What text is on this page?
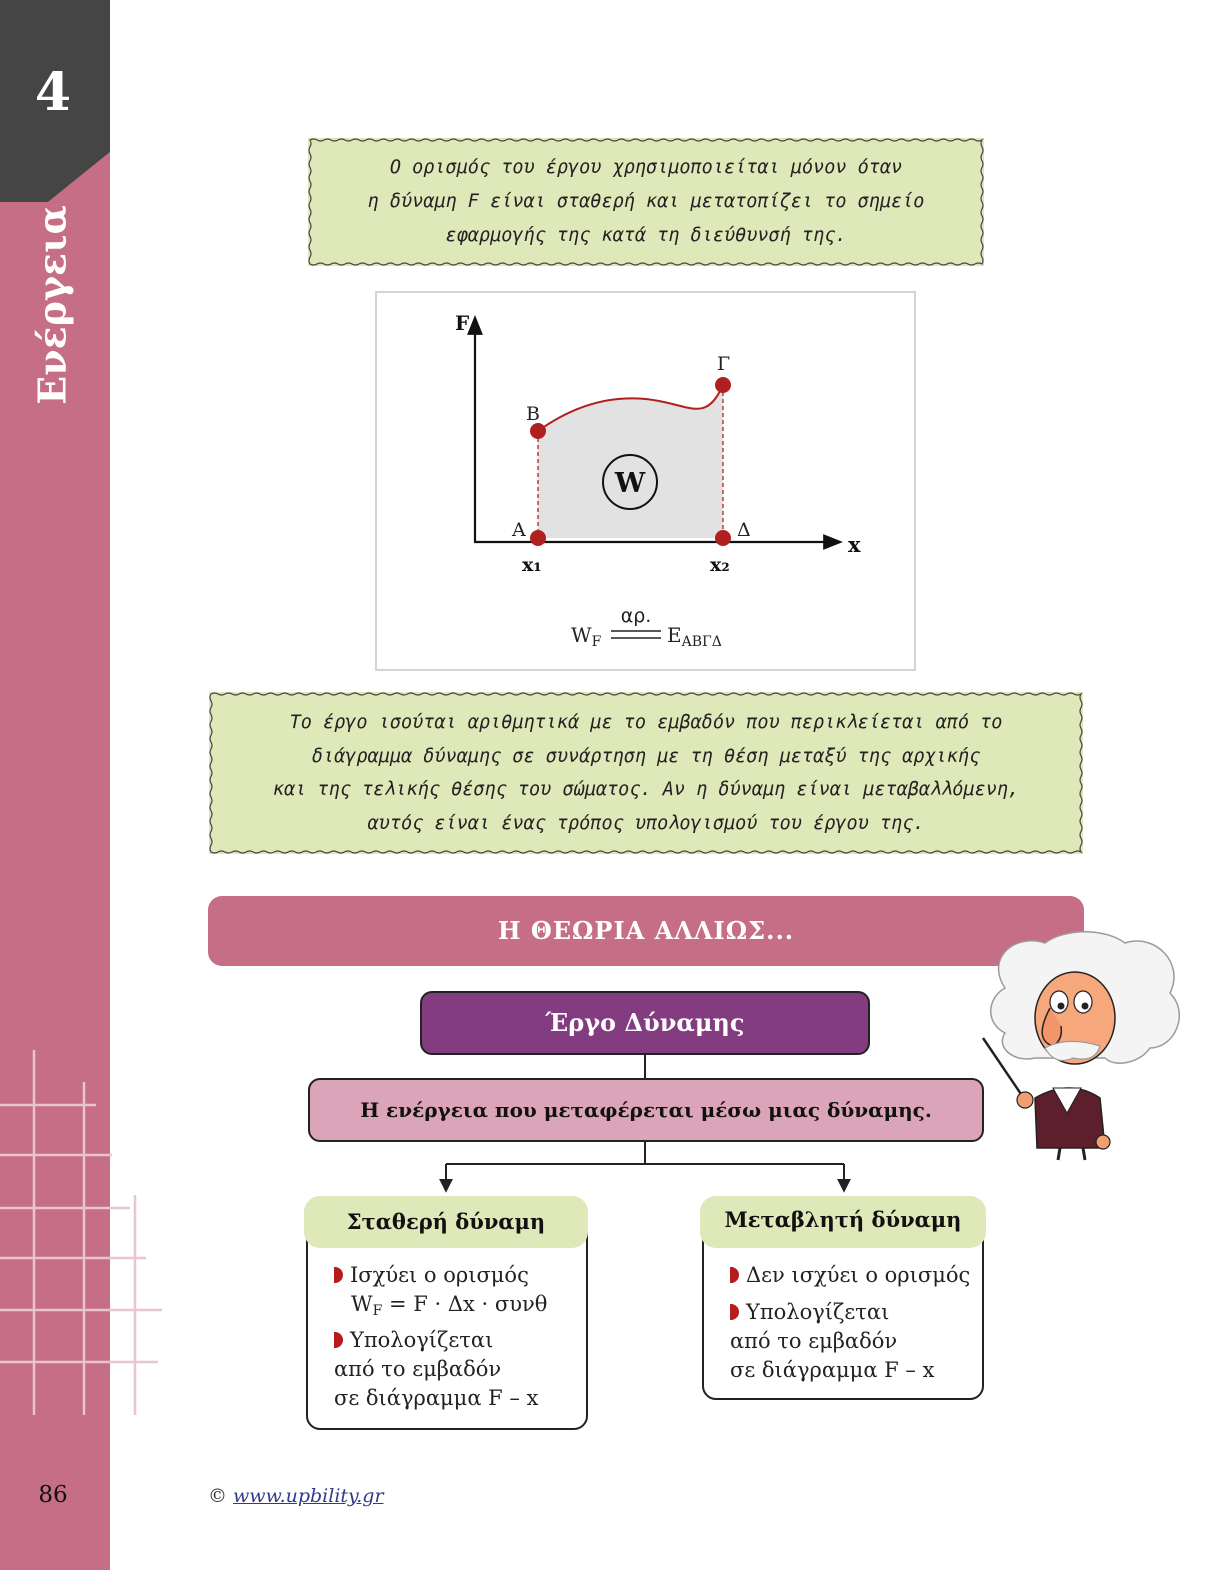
4
Ενέργεια
86
Ο ορισμός του έργου χρησιμοποιείται μόνον όταν
η δύναμη F είναι σταθερή και μετατοπίζει το σημείο
εφαρμογής της κατά τη διεύθυνσή της.
W
F
x
Α
Β
Γ
Δ
x₁	x₂
αρ.
$W_F$	$E_{AB\Gamma\Delta}$
Το έργο ισούται αριθμητικά με το εμβαδόν που περικλείεται από το
διάγραμμα δύναμης σε συνάρτηση με τη θέση μεταξύ της αρχικής
και της τελικής θέσης του σώματος. Αν η δύναμη είναι μεταβαλλόμενη,
αυτός είναι ένας τρόπος υπολογισμού του έργου της.
Η ΘΕΩΡΙΑ ΑΛΛΙΩΣ...
Έργο Δύναμης
Η ενέργεια που μεταφέρεται μέσω μιας δύναμης.
Σταθερή δύναμη
Ισχύει ο ορισμός
WF = F · Δx · συνθ
Υπολογίζεται
από το εμβαδόν
σε διάγραμμα F – x
Μεταβλητή δύναμη
Δεν ισχύει ο ορισμός
Υπολογίζεται
από το εμβαδόν
σε διάγραμμα F – x
© www.upbility.gr
